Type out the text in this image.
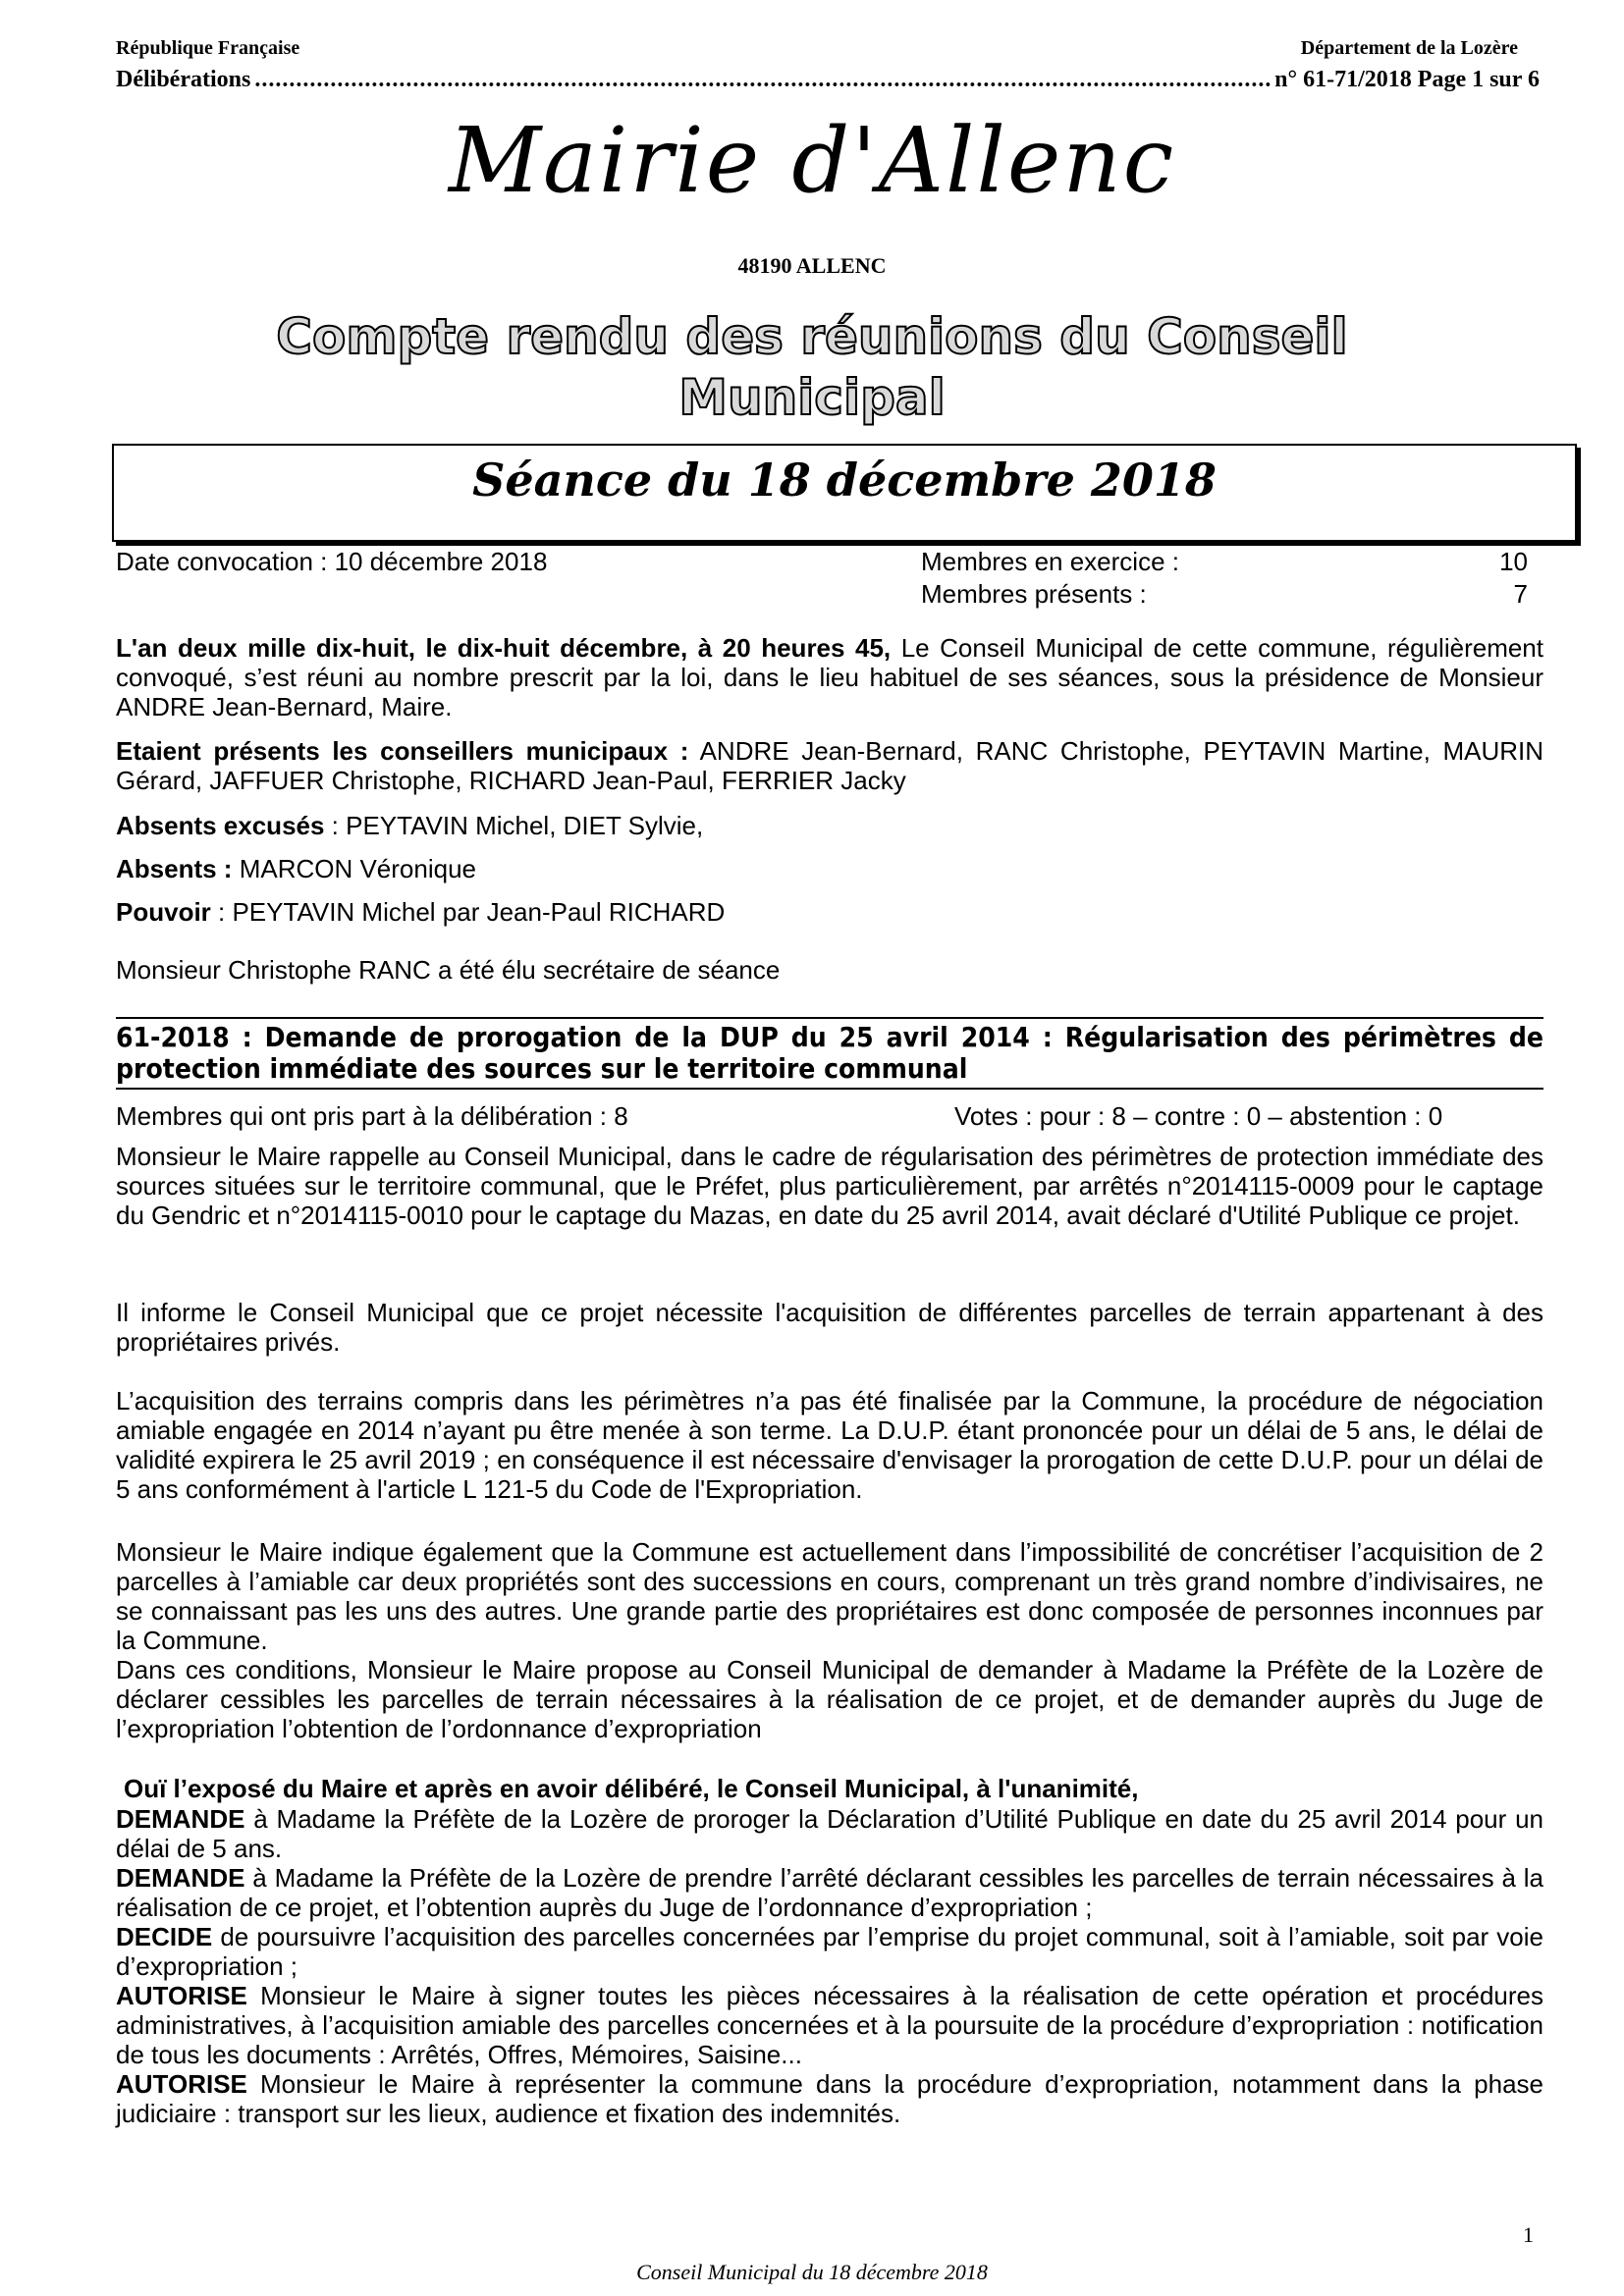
République Française	Département de la Lozère
Délibérations
.....	n° 61-71/2018 Page 1 sur 6
Mairie d'Allenc
48190 ALLENC
Compte rendu des réunions du Conseil
Municipal
Séance du 18 décembre 2018
Date convocation : 10 décembre 2018	Membres en exercice :	10
Membres présents :	7
L'an deux mille dix-huit, le dix-huit décembre, à 20 heures 45, Le Conseil Municipal de cette commune, régulièrement convoqué, s’est réuni au nombre prescrit par la loi, dans le lieu habituel de ses séances, sous la présidence de Monsieur ANDRE Jean-Bernard, Maire.
Etaient présents les conseillers municipaux : ANDRE Jean-Bernard, RANC Christophe, PEYTAVIN Martine, MAURIN Gérard, JAFFUER Christophe, RICHARD Jean-Paul, FERRIER Jacky
Absents excusés : PEYTAVIN Michel, DIET Sylvie,
Absents : MARCON Véronique
Pouvoir : PEYTAVIN Michel par Jean-Paul RICHARD
Monsieur Christophe RANC a été élu secrétaire de séance
61-2018 : Demande de prorogation de la DUP du 25 avril 2014 : Régularisation des périmètres de protection immédiate des sources sur le territoire communal
Membres qui ont pris part à la délibération : 8	Votes : pour : 8 – contre : 0 – abstention : 0
Monsieur le Maire rappelle au Conseil Municipal, dans le cadre de régularisation des périmètres de protection immédiate des sources situées sur le territoire communal, que le Préfet, plus particulièrement, par arrêtés n°2014115-0009 pour le captage du Gendric et n°2014115-0010 pour le captage du Mazas, en date du 25 avril 2014, avait déclaré d'Utilité Publique ce projet.
Il informe le Conseil Municipal que ce projet nécessite l'acquisition de différentes parcelles de terrain appartenant à des propriétaires privés.
L’acquisition des terrains compris dans les périmètres n’a pas été finalisée par la Commune, la procédure de négociation amiable engagée en 2014 n’ayant pu être menée à son terme. La D.U.P. étant prononcée pour un délai de 5 ans, le délai de validité expirera le 25 avril 2019 ; en conséquence il est nécessaire d'envisager la prorogation de cette D.U.P. pour un délai de 5 ans conformément à l'article L 121-5 du Code de l'Expropriation.
Monsieur le Maire indique également que la Commune est actuellement dans l’impossibilité de concrétiser l’acquisition de 2 parcelles à l’amiable car deux propriétés sont des successions en cours, comprenant un très grand nombre d’indivisaires, ne se connaissant pas les uns des autres. Une grande partie des propriétaires est donc composée de personnes inconnues par la Commune.
Dans ces conditions, Monsieur le Maire propose au Conseil Municipal de demander à Madame la Préfète de la Lozère de déclarer cessibles les parcelles de terrain nécessaires à la réalisation de ce projet, et de demander auprès du Juge de l’expropriation l’obtention de l’ordonnance d’expropriation
Ouï l’exposé du Maire et après en avoir délibéré, le Conseil Municipal, à l'unanimité,
DEMANDE à Madame la Préfète de la Lozère de proroger la Déclaration d’Utilité Publique en date du 25 avril 2014 pour un délai de 5 ans.
DEMANDE à Madame la Préfète de la Lozère de prendre l’arrêté déclarant cessibles les parcelles de terrain nécessaires à la réalisation de ce projet, et l’obtention auprès du Juge de l’ordonnance d’expropriation ;
DECIDE de poursuivre l’acquisition des parcelles concernées par l’emprise du projet communal, soit à l’amiable, soit par voie d’expropriation ;
AUTORISE Monsieur le Maire à signer toutes les pièces nécessaires à la réalisation de cette opération et procédures administratives, à l’acquisition amiable des parcelles concernées et à la poursuite de la procédure d’expropriation : notification de tous les documents : Arrêtés, Offres, Mémoires, Saisine...
AUTORISE Monsieur le Maire à représenter la commune dans la procédure d’expropriation, notamment dans la phase judiciaire : transport sur les lieux, audience et fixation des indemnités.
1
Conseil Municipal du 18 décembre 2018
